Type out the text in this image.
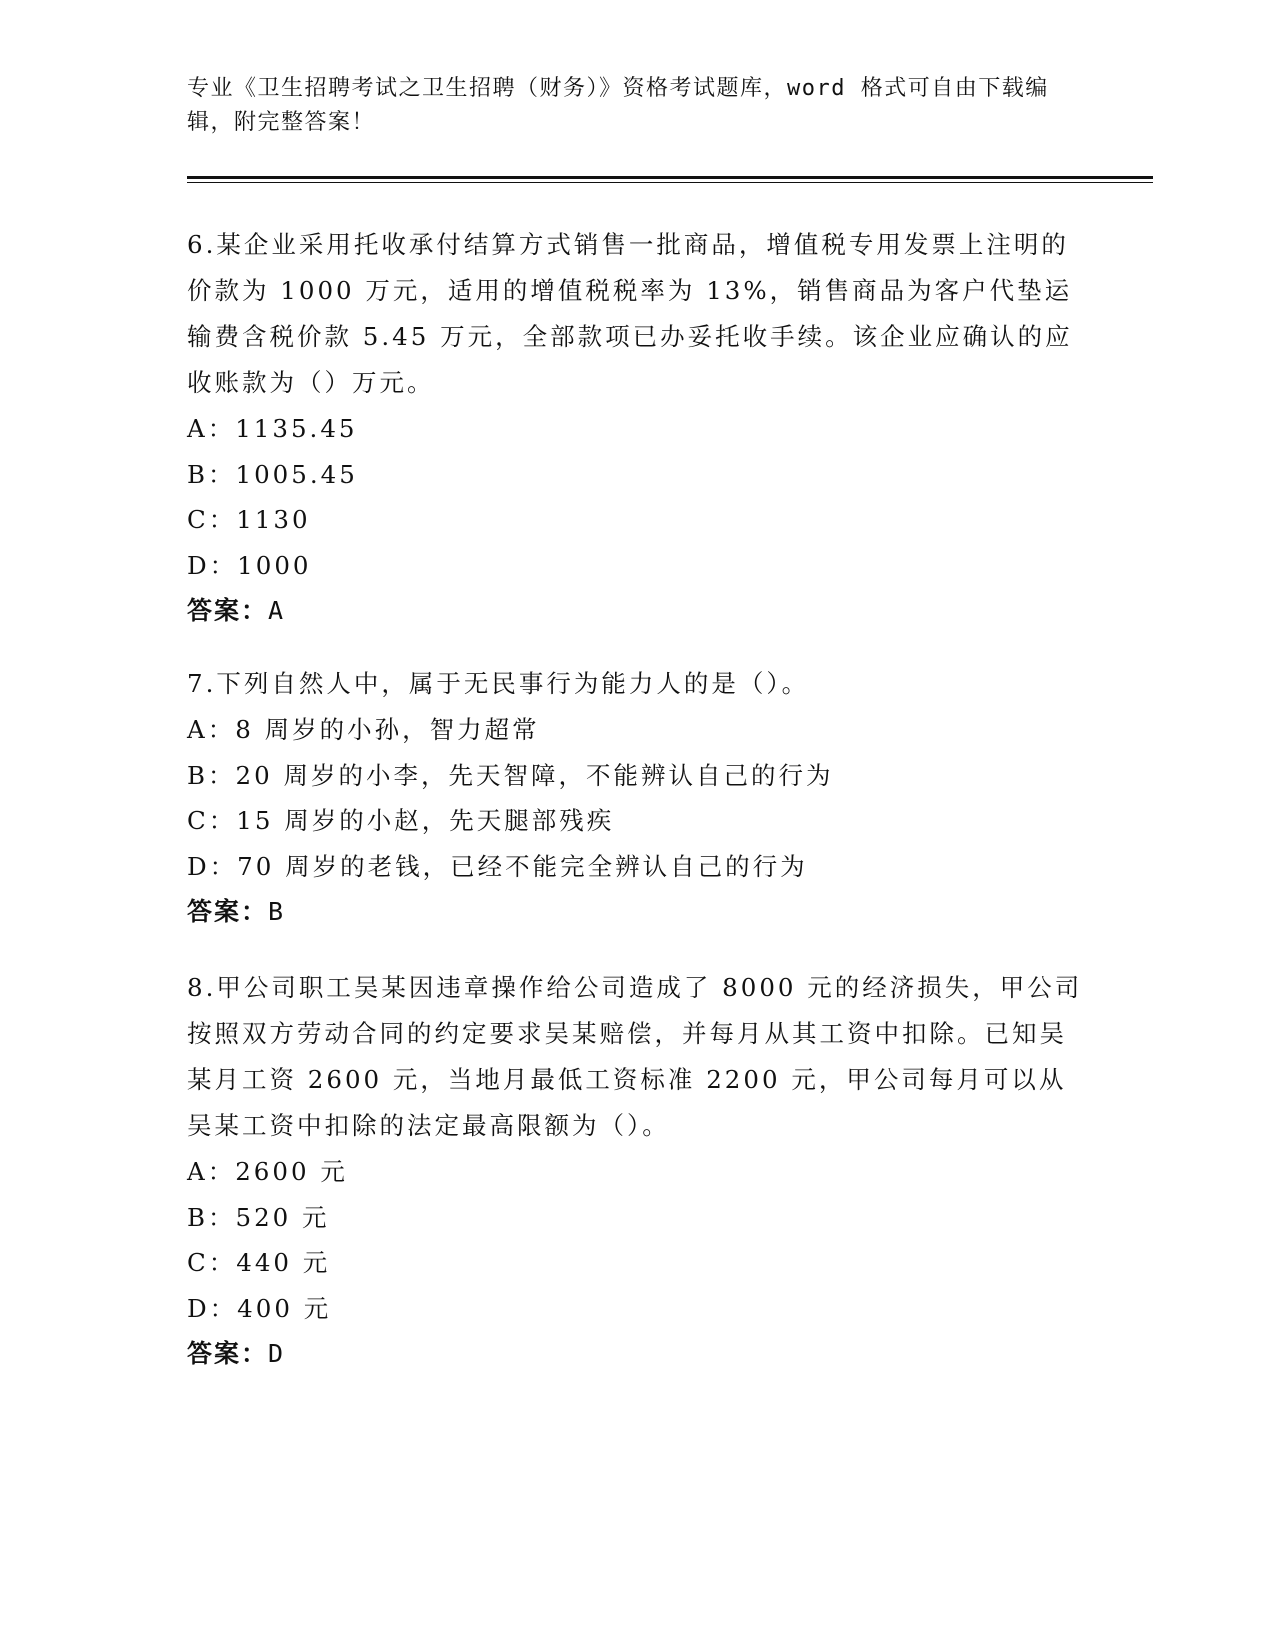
专业《卫生招聘考试之卫生招聘（财务）》资格考试题库，word 格式可自由下载编辑，附完整答案！
6.某企业采用托收承付结算方式销售一批商品，增值税专用发票上注明的价款为 1000 万元，适用的增值税税率为 13%，销售商品为客户代垫运输费含税价款 5.45 万元，全部款项已办妥托收手续。该企业应确认的应收账款为（）万元。
A：1135.45
B：1005.45
C：1130
D：1000
答案：A
7.下列自然人中，属于无民事行为能力人的是（）。
A：8 周岁的小孙，智力超常
B：20 周岁的小李，先天智障，不能辨认自己的行为
C：15 周岁的小赵，先天腿部残疾
D：70 周岁的老钱，已经不能完全辨认自己的行为
答案：B
8.甲公司职工吴某因违章操作给公司造成了 8000 元的经济损失，甲公司按照双方劳动合同的约定要求吴某赔偿，并每月从其工资中扣除。已知吴某月工资 2600 元，当地月最低工资标准 2200 元，甲公司每月可以从吴某工资中扣除的法定最高限额为（）。
A：2600 元
B：520 元
C：440 元
D：400 元
答案：D
